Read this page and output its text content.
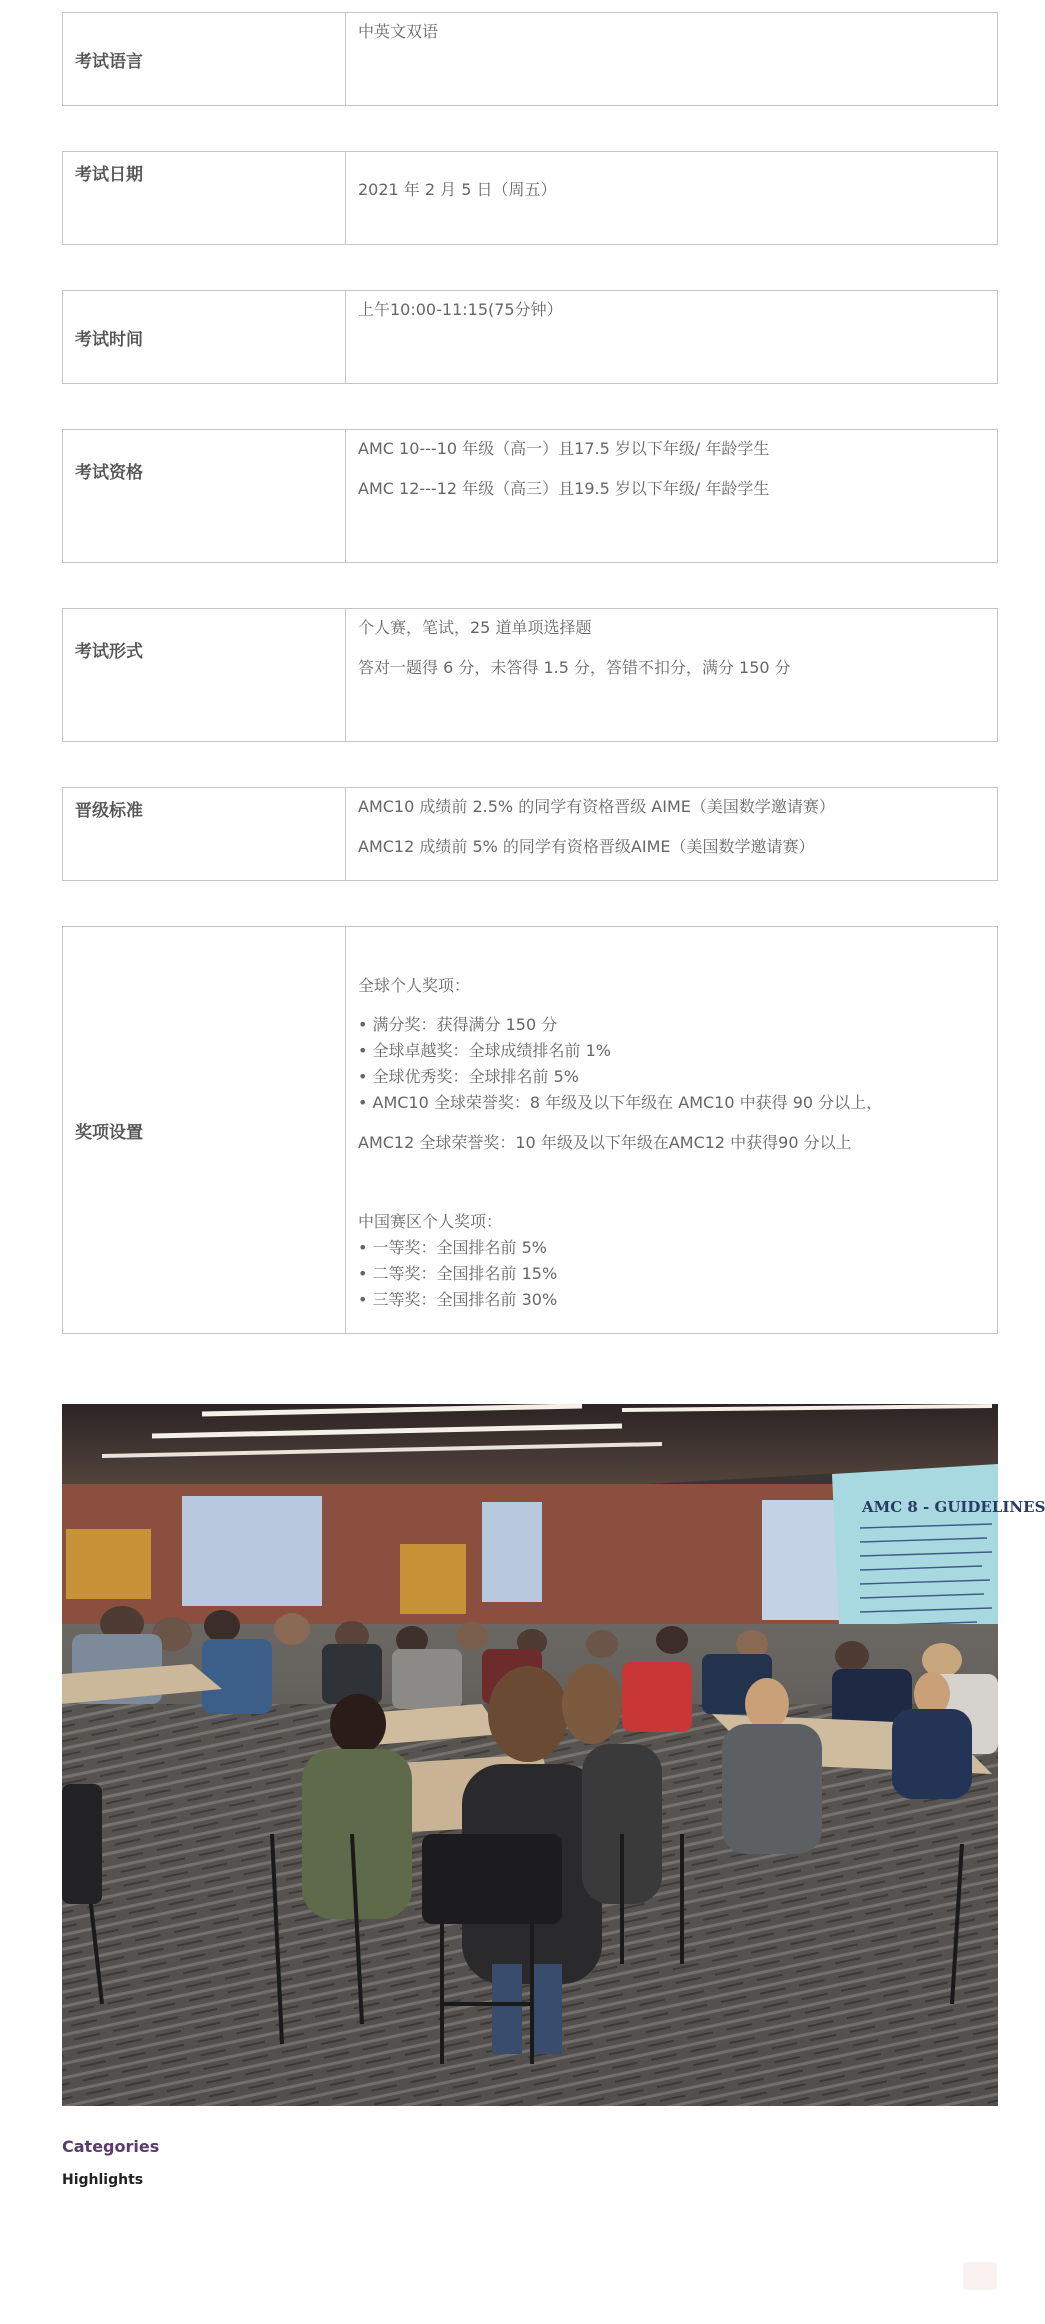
考试语言
中英文双语
考试日期
2021 年 2 月 5 日（周五）
考试时间
上午10:00-11:15(75分钟）
考试资格
AMC 10---10 年级（高一）且17.5 岁以下年级/ 年龄学生
AMC 12---12 年级（高三）且19.5 岁以下年级/ 年龄学生
考试形式
个人赛，笔试，25 道单项选择题
答对一题得 6 分，未答得 1.5 分，答错不扣分，满分 150 分
晋级标准	AMC10 成绩前 2.5% 的同学有资格晋级 AIME（美国数学邀请赛）
AMC12 成绩前 5% 的同学有资格晋级AIME（美国数学邀请赛）
奖项设置
全球个人奖项：
• 满分奖：获得满分 150 分
• 全球卓越奖：全球成绩排名前 1%
• 全球优秀奖：全球排名前 5%
• AMC10 全球荣誉奖：8 年级及以下年级在 AMC10 中获得 90 分以上，
AMC12 全球荣誉奖：10 年级及以下年级在AMC12 中获得90 分以上
中国赛区个人奖项：
• 一等奖：全国排名前 5%
• 二等奖：全国排名前 15%
• 三等奖：全国排名前 30%
AMC 8 - GUIDELINES
Categories
Highlights
